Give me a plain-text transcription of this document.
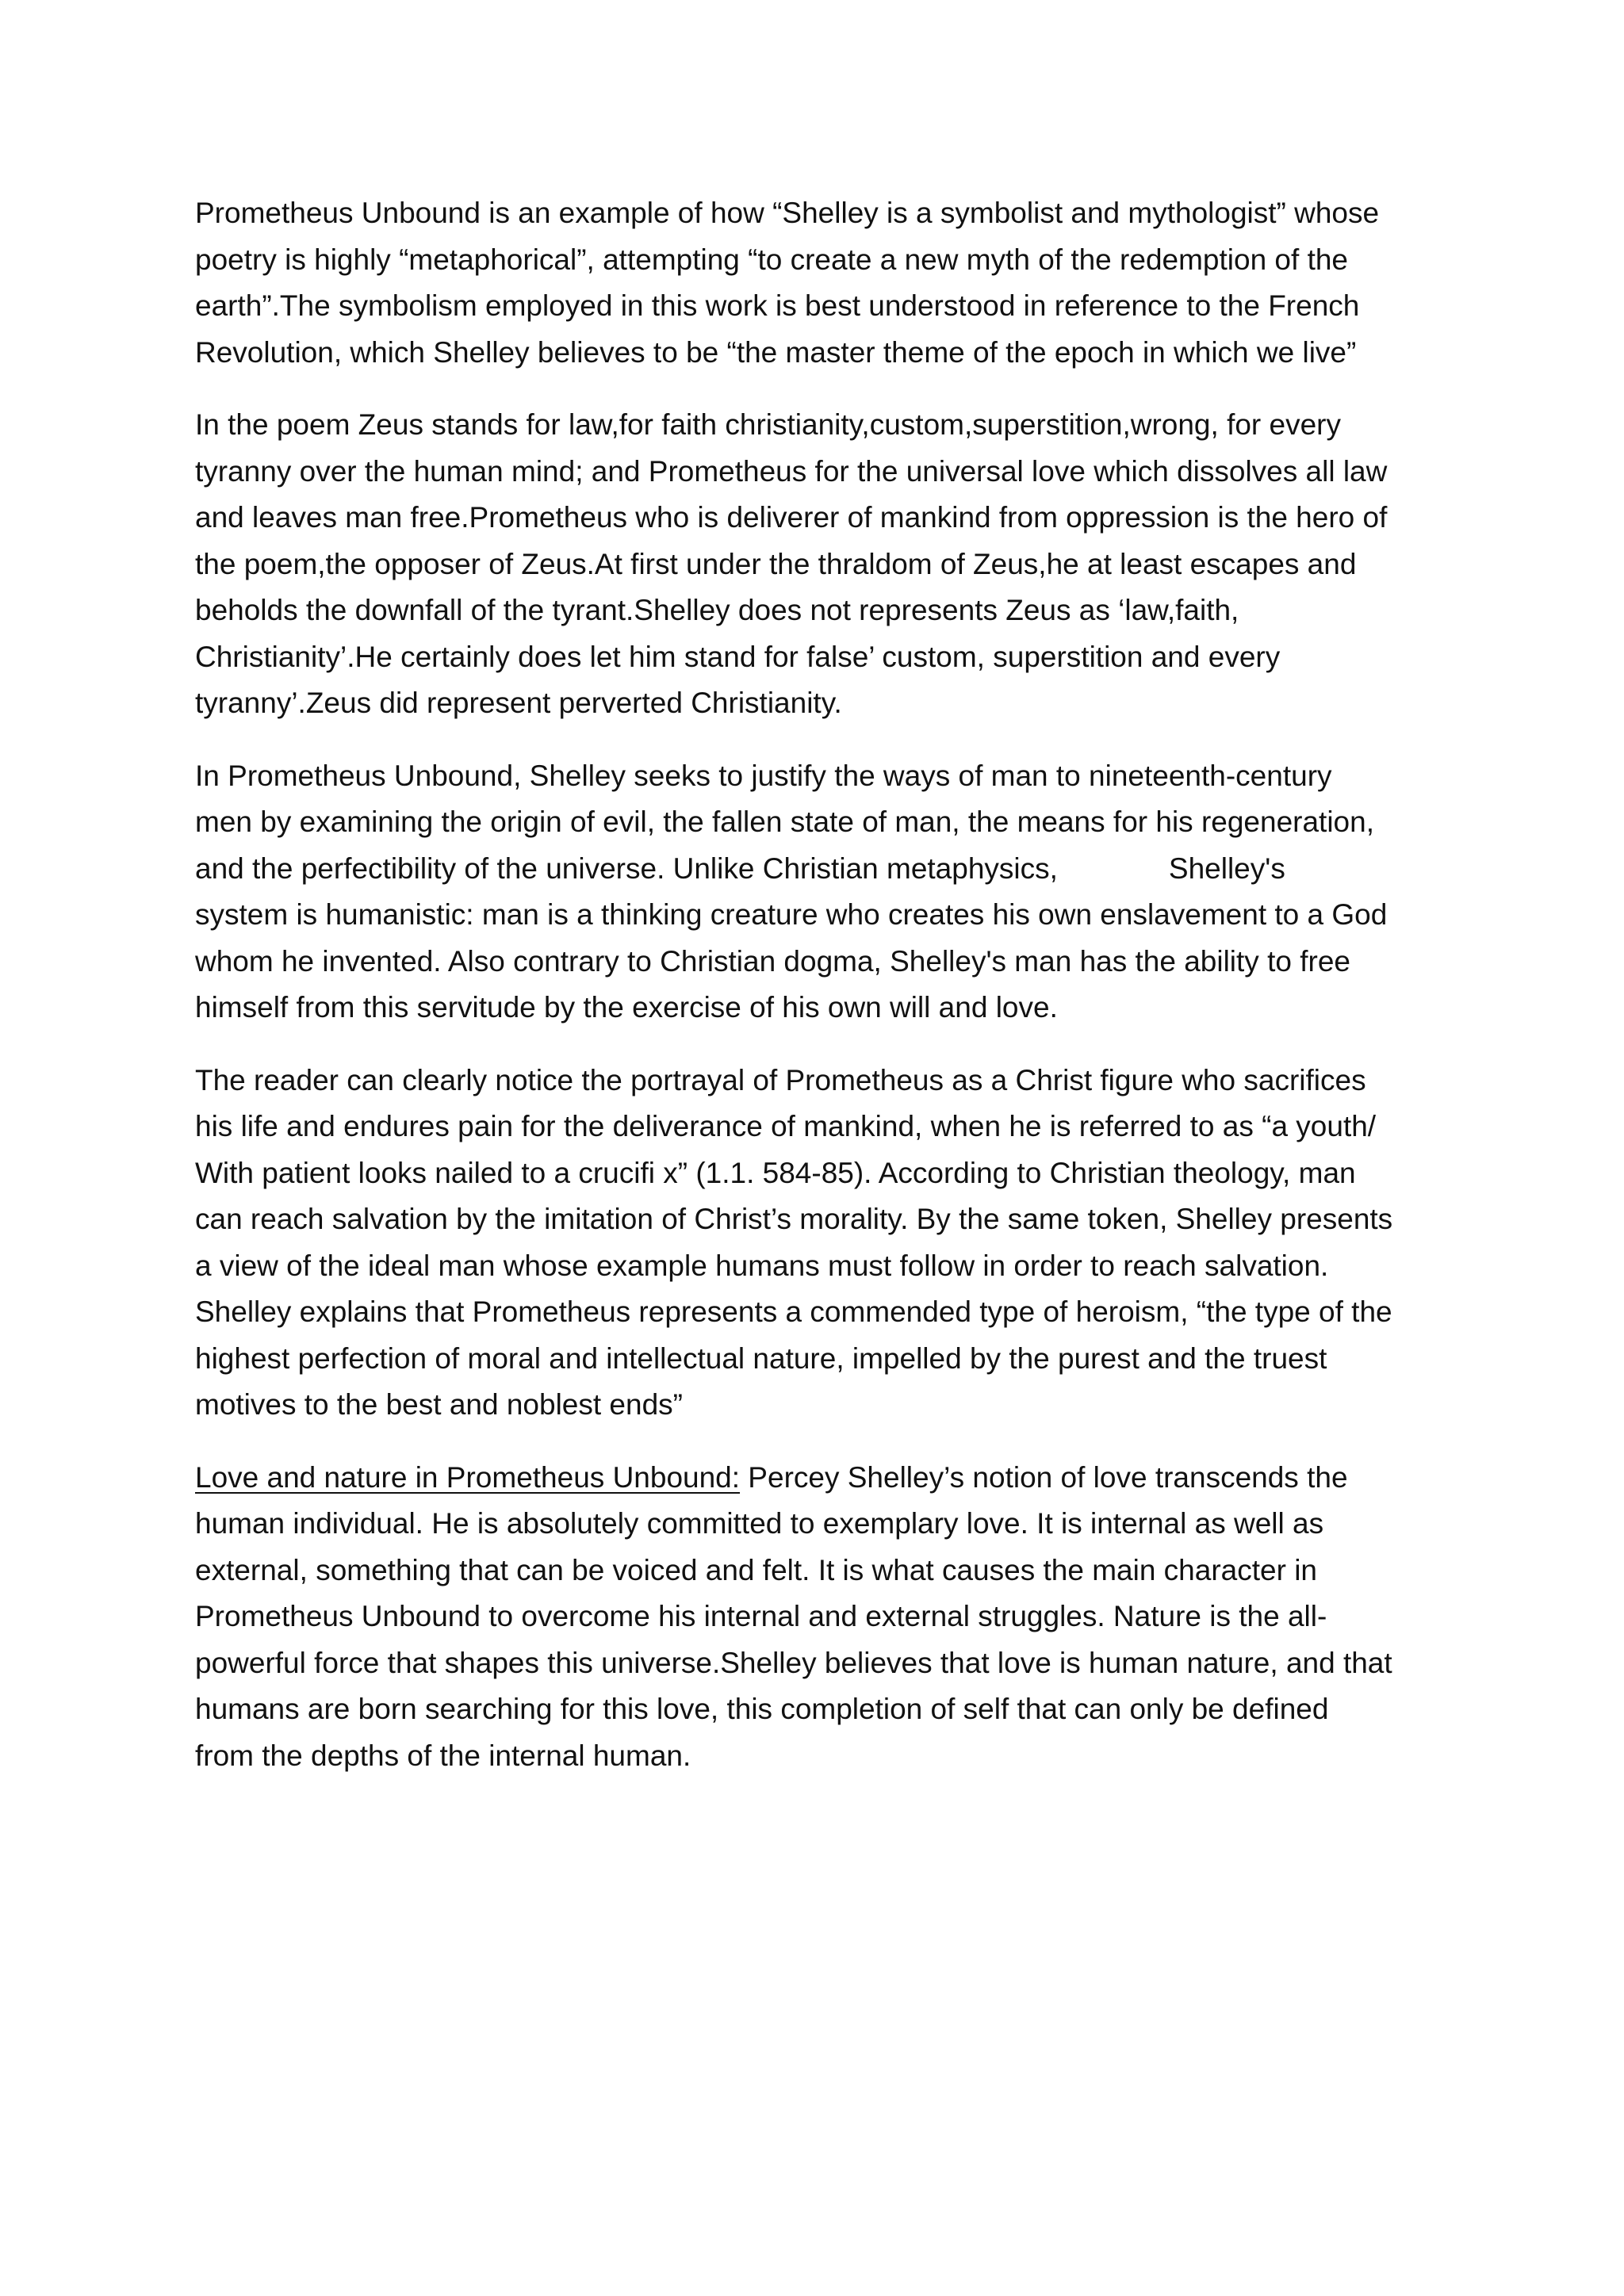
Prometheus Unbound is an example of how “Shelley is a symbolist and mythologist” whose
poetry is highly “metaphorical”, attempting “to create a new myth of the redemption of the
earth”.The symbolism employed in this work is best understood in reference to the French
Revolution, which Shelley believes to be “the master theme of the epoch in which we live”

In the poem Zeus stands for law,for faith christianity,custom,superstition,wrong, for every
tyranny over the human mind; and Prometheus for the universal love which dissolves all law
and leaves man free.Prometheus who is deliverer of mankind from oppression is the hero of
the poem,the opposer of Zeus.At first under the thraldom of Zeus,he at least escapes and
beholds the downfall of the tyrant.Shelley does not represents Zeus as ‘law,faith,
Christianity’.He certainly does let him stand for false’ custom, superstition and every
tyranny’.Zeus did represent perverted Christianity.

In Prometheus Unbound, Shelley seeks to justify the ways of man to nineteenth-century
men by examining the origin of evil, the fallen state of man, the means for his regeneration,
and the perfectibility of the universe. Unlike Christian metaphysics,	Shelley's
system is humanistic: man is a thinking creature who creates his own enslavement to a God
whom he invented. Also contrary to Christian dogma, Shelley's man has the ability to free
himself from this servitude by the exercise of his own will and love.

The reader can clearly notice the portrayal of Prometheus as a Christ figure who sacrifices
his life and endures pain for the deliverance of mankind, when he is referred to as “a youth/
With patient looks nailed to a crucifi x” (1.1. 584-85). According to Christian theology, man
can reach salvation by the imitation of Christ’s morality. By the same token, Shelley presents
a view of the ideal man whose example humans must follow in order to reach salvation.
Shelley explains that Prometheus represents a commended type of heroism, “the type of the
highest perfection of moral and intellectual nature, impelled by the purest and the truest
motives to the best and noblest ends”

Love and nature in Prometheus Unbound: Percey Shelley’s notion of love transcends the
human individual. He is absolutely committed to exemplary love. It is internal as well as
external, something that can be voiced and felt. It is what causes the main character in
Prometheus Unbound to overcome his internal and external struggles. Nature is the all-
powerful force that shapes this universe.Shelley believes that love is human nature, and that
humans are born searching for this love, this completion of self that can only be defined
from the depths of the internal human.
